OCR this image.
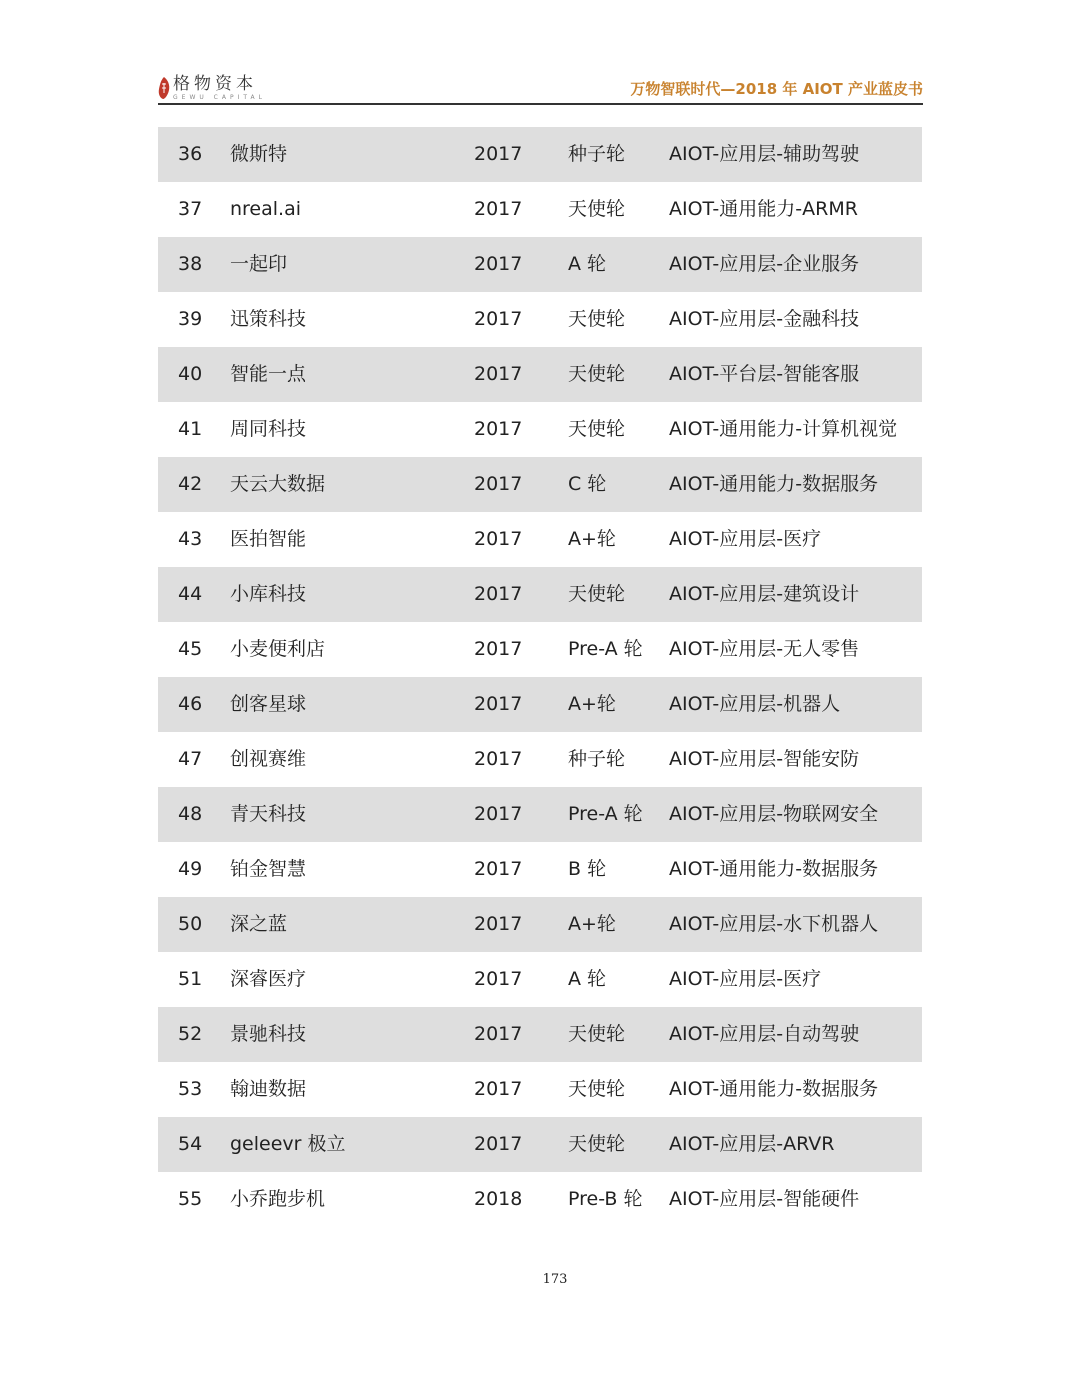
格物资本
GEWU CAPITAL	万物智联时代—2018 年 AIOT 产业蓝皮书
36 微斯特	2017 种子轮 AIOT-应用层-辅助驾驶
37 nreal.ai	2017 天使轮 AIOT-通用能力-ARMR
38 一起印	2017 A 轮	AIOT-应用层-企业服务
39 迅策科技	2017 天使轮 AIOT-应用层-金融科技
40 智能一点	2017 天使轮 AIOT-平台层-智能客服
41 周同科技	2017 天使轮 AIOT-通用能力-计算机视觉
42 天云大数据	2017 C 轮	AIOT-通用能力-数据服务
43 医拍智能	2017 A+轮	AIOT-应用层-医疗
44 小库科技	2017 天使轮 AIOT-应用层-建筑设计
45 小麦便利店	2017 Pre-A 轮 AIOT-应用层-无人零售
46 创客星球	2017 A+轮	AIOT-应用层-机器人
47 创视赛维	2017 种子轮 AIOT-应用层-智能安防
48 青天科技	2017 Pre-A 轮 AIOT-应用层-物联网安全
49 铂金智慧	2017 B 轮	AIOT-通用能力-数据服务
50 深之蓝	2017 A+轮	AIOT-应用层-水下机器人
51 深睿医疗	2017 A 轮	AIOT-应用层-医疗
52 景驰科技	2017 天使轮 AIOT-应用层-自动驾驶
53 翰迪数据	2017 天使轮 AIOT-通用能力-数据服务
54 geleevr 极立	2017 天使轮 AIOT-应用层-ARVR
55 小乔跑步机	2018 Pre-B 轮 AIOT-应用层-智能硬件
173
